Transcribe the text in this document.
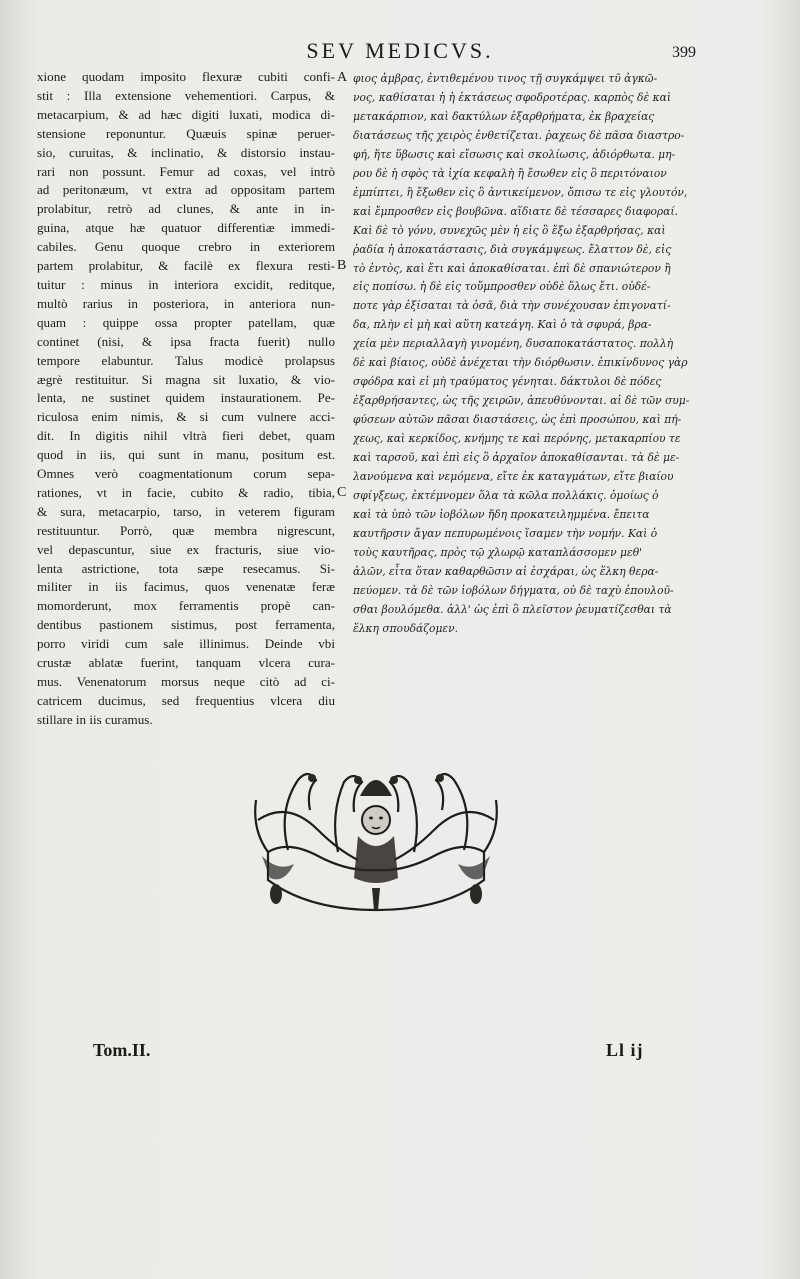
SEV MEDICVS.	399

xione quodam imposito flexuræ cubiti confi-
stit : Illa extensione vehementiori. Carpus, &
metacarpium, & ad hæc digiti luxati, modica di-
stensione reponuntur. Quæuis spinæ peruer-
sio, curuitas, & inclinatio, & distorsio instau-
rari non possunt. Femur ad coxas, vel intrò
ad peritonæum, vt extra ad oppositam partem
prolabitur, retrò ad clunes, & ante in in-
guina, atque hæ quatuor differentiæ immedi-
cabiles. Genu quoque crebro in exteriorem
partem prolabitur, & facilè ex flexura resti-
tuitur : minus in interiora excidit, reditque,
multò rarius in posteriora, in anteriora nun-
quam : quippe ossa propter patellam, quæ
continet (nisi, & ipsa fracta fuerit) nullo
tempore elabuntur. Talus modicè prolapsus
ægrè restituitur. Si magna sit luxatio, & vio-
lenta, ne sustinet quidem instaurationem. Pe-
riculosa enim nimis, & si cum vulnere acci-
dit. In digitis nihil vltrà fieri debet, quam
quod in iis, qui sunt in manu, positum est.
Omnes verò coagmentationum corum sepa-
rationes, vt in facie, cubito & radio, tibia,
& sura, metacarpio, tarso, in veterem figuram
restituuntur. Porrò, quæ membra nigrescunt,
vel depascuntur, siue ex fracturis, siue vio-
lenta astrictione, tota sæpe resecamus. Si-
militer in iis facimus, quos venenatæ feræ
momorderunt, mox ferramentis propè can-
dentibus pastionem sistimus, post ferramenta,
porro viridi cum sale illinimus. Deinde vbi
crustæ ablatæ fuerint, tanquam vlcera cura-
mus. Venenatorum morsus neque citò ad ci-
catricem ducimus, sed frequentius vlcera diu
stillare in iis curamus.
A
B
C
φιος ἀμβρας, ἐντιθεμένου τινος τῇ συγκάμψει τῦ ἀγκῶ-
νος, καθίσαται ἡ ἡ ἐκτάσεως σφοδροτέρας. καρπὸς δὲ καὶ
μετακάρπιον, καὶ δακτύλων ἐξαρθρήματα, ἐκ βραχείας
διατάσεως τῆς χειρὸς ἐνθετίζεται. ῥαχεως δὲ πᾶσα διαστρο-
φή, ἥτε ὕβωσις καὶ εἴσωσις καὶ σκολίωσις, ἀδιόρθωτα. μη-
ρου δὲ ἡ σφὸς τὰ ἰχία κεφαλὴ ἢ ἔσωθεν εἰς ὃ περιτόναιον
ἐμπίπτει, ἢ ἔξωθεν εἰς ὃ ἀντικείμενον, ὄπισω τε εἰς γλουτόν,
καὶ ἔμπροσθεν εἰς βουβῶνα. αἵδιατε δὲ τέσσαρες διαφοραί.
Καὶ δὲ τὸ γόνυ, συνεχῶς μὲν ἡ εἰς ὃ ἔξω ἐξαρθρήσας, καὶ
ῥαδία ἡ ἀποκατάστασις, διὰ συγκάμψεως. ἔλαττον δὲ, εἰς
τὸ ἐντὸς, καὶ ἔτι καὶ ἀποκαθίσαται. ἐπὶ δὲ σπανιώτερον ἢ
εἰς ποπίσω. ἡ δὲ εἰς τοὔμπροσθεν οὐδὲ ὅλως ἔτι. οὐδέ-
ποτε γὰρ ἐξίσαται τὰ ὀσᾶ, διὰ τὴν συνέχουσαν ἐπιγονατί-
δα, πλὴν εἰ μὴ καὶ αὕτη κατεάγη. Καὶ ὁ τὰ σφυρά, βρα-
χεία μὲν περιαλλαγὴ γινομένη, δυσαποκατάστατος. πολλὴ
δὲ καὶ βίαιος, οὐδὲ ἀνέχεται τὴν διόρθωσιν. ἐπικίνδυνος γὰρ
σφόδρα καὶ εἰ μὴ τραύματος γένηται. δάκτυλοι δὲ πόδες
ἐξαρθρήσαντες, ὡς τῆς χειρῶν, ἀπευθύνονται. αἱ δὲ τῶν συμ-
φύσεων αὐτῶν πᾶσαι διαστάσεις, ὡς ἐπὶ προσώπου, καὶ πή-
χεως, καὶ κερκίδος, κνήμης τε καὶ περόνης, μετακαρπίου τε
καὶ ταρσοῦ, καὶ ἐπὶ εἰς ὃ ἀρχαῖον ἀποκαθίσανται. τὰ δὲ με-
λανούμενα καὶ νεμόμενα, εἴτε ἐκ καταγμάτων, εἴτε βιαίου
σφίγξεως, ἐκτέμνομεν ὅλα τὰ κῶλα πολλάκις. ὁμοίως ὁ
καὶ τὰ ὑπὸ τῶν ἰοβόλων ἤδη προκατειλημμένα. ἔπειτα
καυτῆρσιν ἄγαν πεπυρωμένοις ἵσαμεν τὴν νομήν. Καὶ ὁ
τοὺς καυτῆρας, πρὸς τῷ χλωρῷ καταπλάσσομεν μεθ'
ἁλῶν, εἶτα ὅταν καθαρθῶσιν αἱ ἐσχάραι, ὡς ἕλκη θερα-
πεύομεν. τὰ δὲ τῶν ἰοβόλων δήγματα, οὐ δὲ ταχὺ ἐπουλοῦ-
σθαι βουλόμεθα. ἀλλ' ὡς ἐπὶ ὃ πλεῖστον ῥευματίζεσθαι τὰ
ἕλκη σπουδάζομεν.
Tom.II.	Ll ij
